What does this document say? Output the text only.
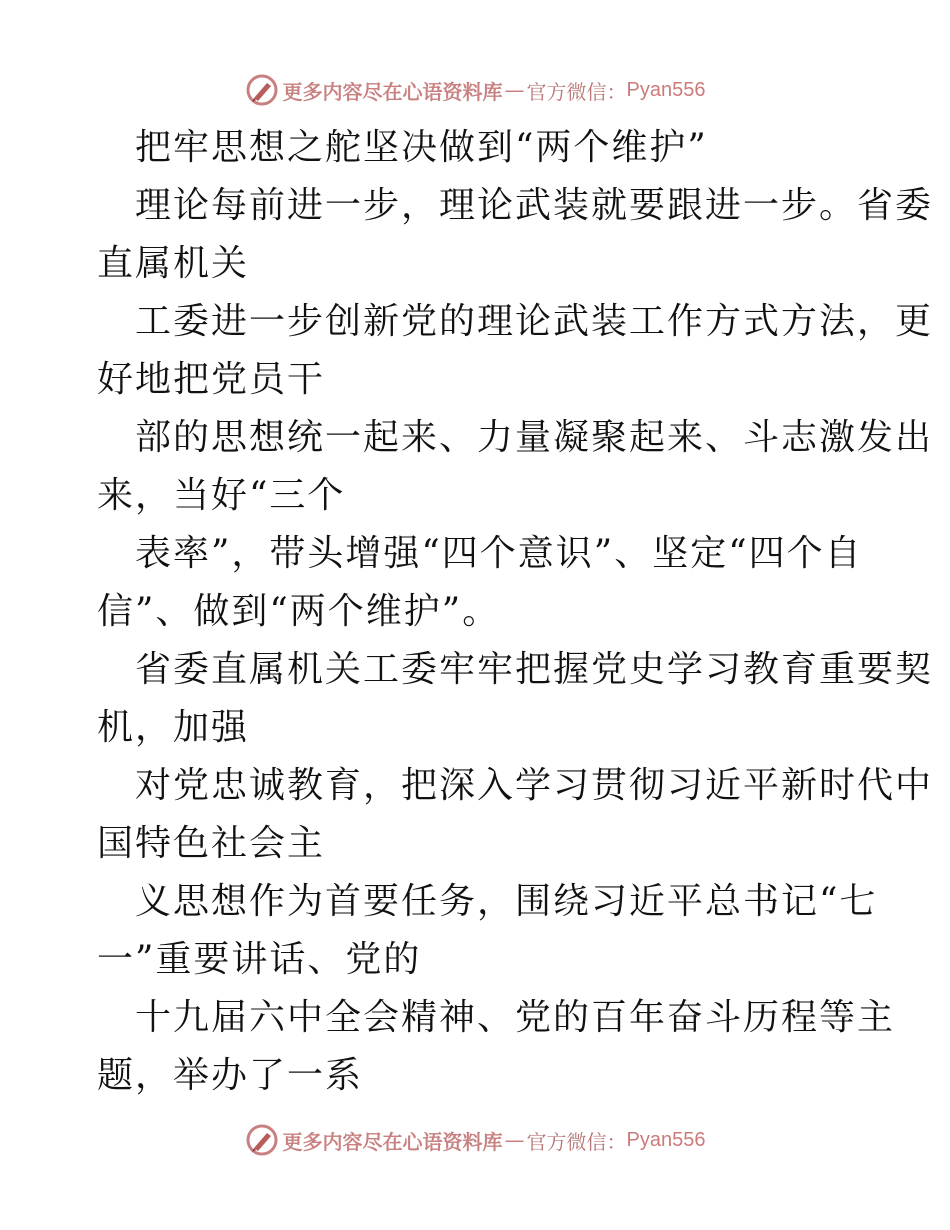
更多内容尽在心语资料库 — 官方微信： Pyan556
把牢思想之舵坚决做到“两个维护”
理论每前进一步，理论武装就要跟进一步。省委
直属机关
工委进一步创新党的理论武装工作方式方法，更
好地把党员干
部的思想统一起来、力量凝聚起来、斗志激发出
来，当好“三个
表率”，带头增强“四个意识”、坚定“四个自
信”、做到“两个维护”。
省委直属机关工委牢牢把握党史学习教育重要契
机，加强
对党忠诚教育，把深入学习贯彻习近平新时代中
国特色社会主
义思想作为首要任务，围绕习近平总书记“七
一”重要讲话、党的
十九届六中全会精神、党的百年奋斗历程等主
题，举办了一系
更多内容尽在心语资料库 — 官方微信： Pyan556
